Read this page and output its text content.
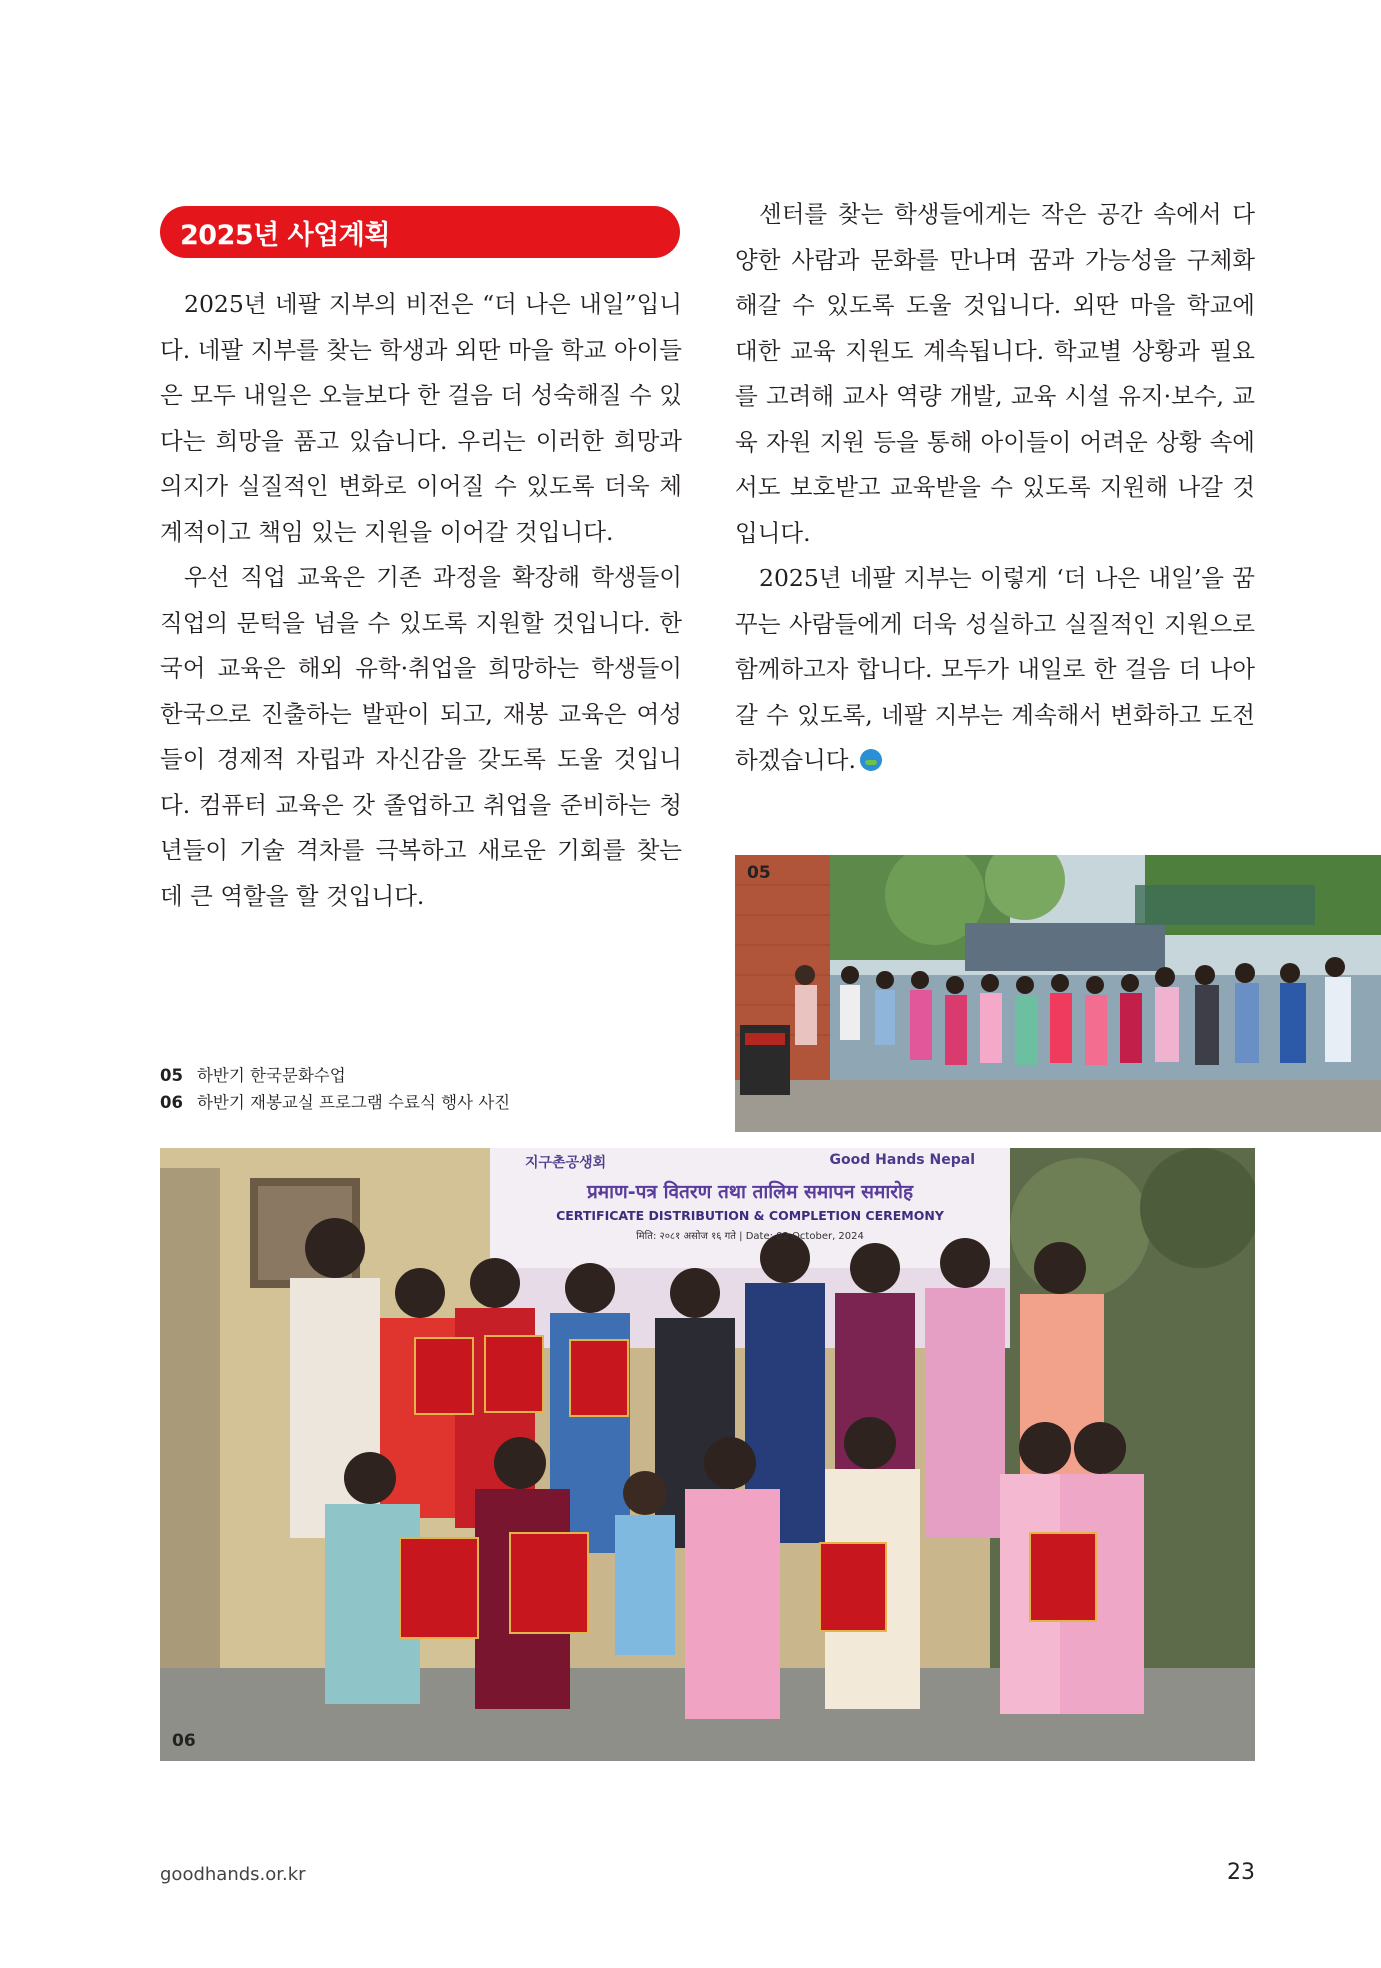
2025년 사업계획

2025년 네팔 지부의 비전은 “더 나은 내일”입니다. 네팔 지부를 찾는 학생과 외딴 마을 학교 아이들은 모두 내일은 오늘보다 한 걸음 더 성숙해질 수 있다는 희망을 품고 있습니다. 우리는 이러한 희망과 의지가 실질적인 변화로 이어질 수 있도록 더욱 체계적이고 책임 있는 지원을 이어갈 것입니다.

우선 직업 교육은 기존 과정을 확장해 학생들이 직업의 문턱을 넘을 수 있도록 지원할 것입니다. 한국어 교육은 해외 유학·취업을 희망하는 학생들이 한국으로 진출하는 발판이 되고, 재봉 교육은 여성들이 경제적 자립과 자신감을 갖도록 도울 것입니다. 컴퓨터 교육은 갓 졸업하고 취업을 준비하는 청년들이 기술 격차를 극복하고 새로운 기회를 찾는 데 큰 역할을 할 것입니다.

센터를 찾는 학생들에게는 작은 공간 속에서 다양한 사람과 문화를 만나며 꿈과 가능성을 구체화해갈 수 있도록 도울 것입니다. 외딴 마을 학교에 대한 교육 지원도 계속됩니다. 학교별 상황과 필요를 고려해 교사 역량 개발, 교육 시설 유지·보수, 교육 자원 지원 등을 통해 아이들이 어려운 상황 속에서도 보호받고 교육받을 수 있도록 지원해 나갈 것입니다.

2025년 네팔 지부는 이렇게 ‘더 나은 내일’을 꿈꾸는 사람들에게 더욱 성실하고 실질적인 지원으로 함께하고자 합니다. 모두가 내일로 한 걸음 더 나아갈 수 있도록, 네팔 지부는 계속해서 변화하고 도전하겠습니다.

05 하반기 한국문화수업
06 하반기 재봉교실 프로그램 수료식 행사 사진
05
지구촌공생회	Good Hands Nepal
प्रमाण-पत्र वितरण तथा तालिम समापन समारोह
CERTIFICATE DISTRIBUTION & COMPLETION CEREMONY
मिति: २०८१ असोज १६ गते | Date: 02 October, 2024
06
goodhands.or.kr	23
